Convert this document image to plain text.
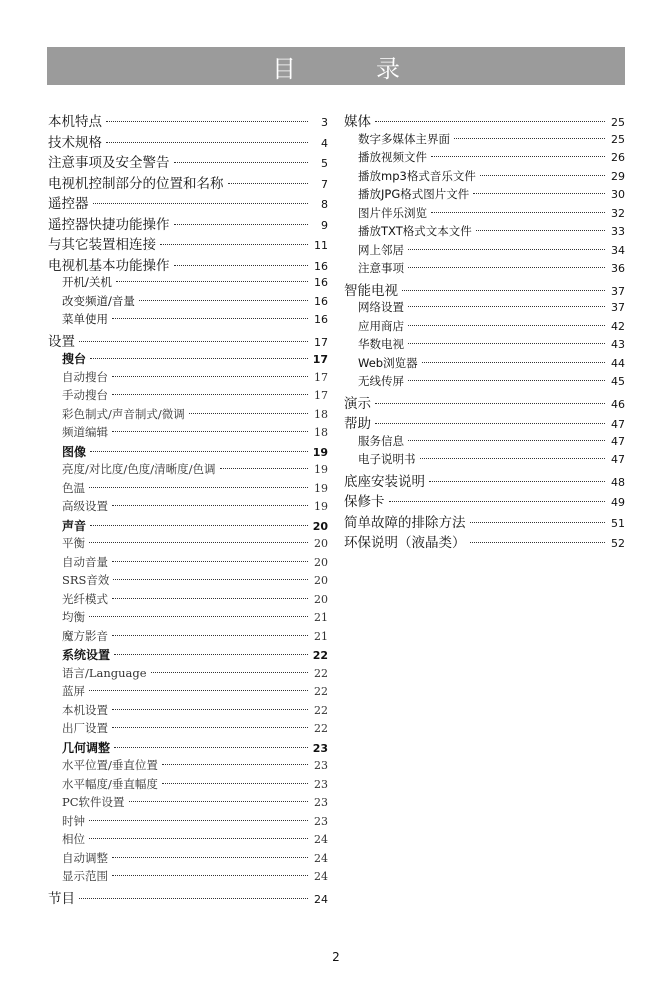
目　录
本机特点	3
技术规格	4
注意事项及安全警告	5
电视机控制部分的位置和名称	7
遥控器	8
遥控器快捷功能操作	9
与其它装置相连接	11
电视机基本功能操作	16
开机/关机	16
改变频道/音量	16
菜单使用	16
设置	17
搜台	17
自动搜台	17
手动搜台	17
彩色制式/声音制式/微调	18
频道编辑	18
图像	19
亮度/对比度/色度/清晰度/色调	19
色温	19
高级设置	19
声音	20
平衡	20
自动音量	20
SRS音效	20
光纤模式	20
均衡	21
魔方影音	21
系统设置	22
语言/Language	22
蓝屏	22
本机设置	22
出厂设置	22
几何调整	23
水平位置/垂直位置	23
水平幅度/垂直幅度	23
PC软件设置	23
时钟	23
相位	24
自动调整	24
显示范围	24
节目	24
媒体	25
数字多媒体主界面	25
播放视频文件	26
播放mp3格式音乐文件	29
播放JPG格式图片文件	30
图片伴乐浏览	32
播放TXT格式文本文件	33
网上邻居	34
注意事项	36
智能电视	37
网络设置	37
应用商店	42
华数电视	43
Web浏览器	44
无线传屏	45
演示	46
帮助	47
服务信息	47
电子说明书	47
底座安装说明	48
保修卡	49
简单故障的排除方法	51
环保说明（液晶类）	52
2
